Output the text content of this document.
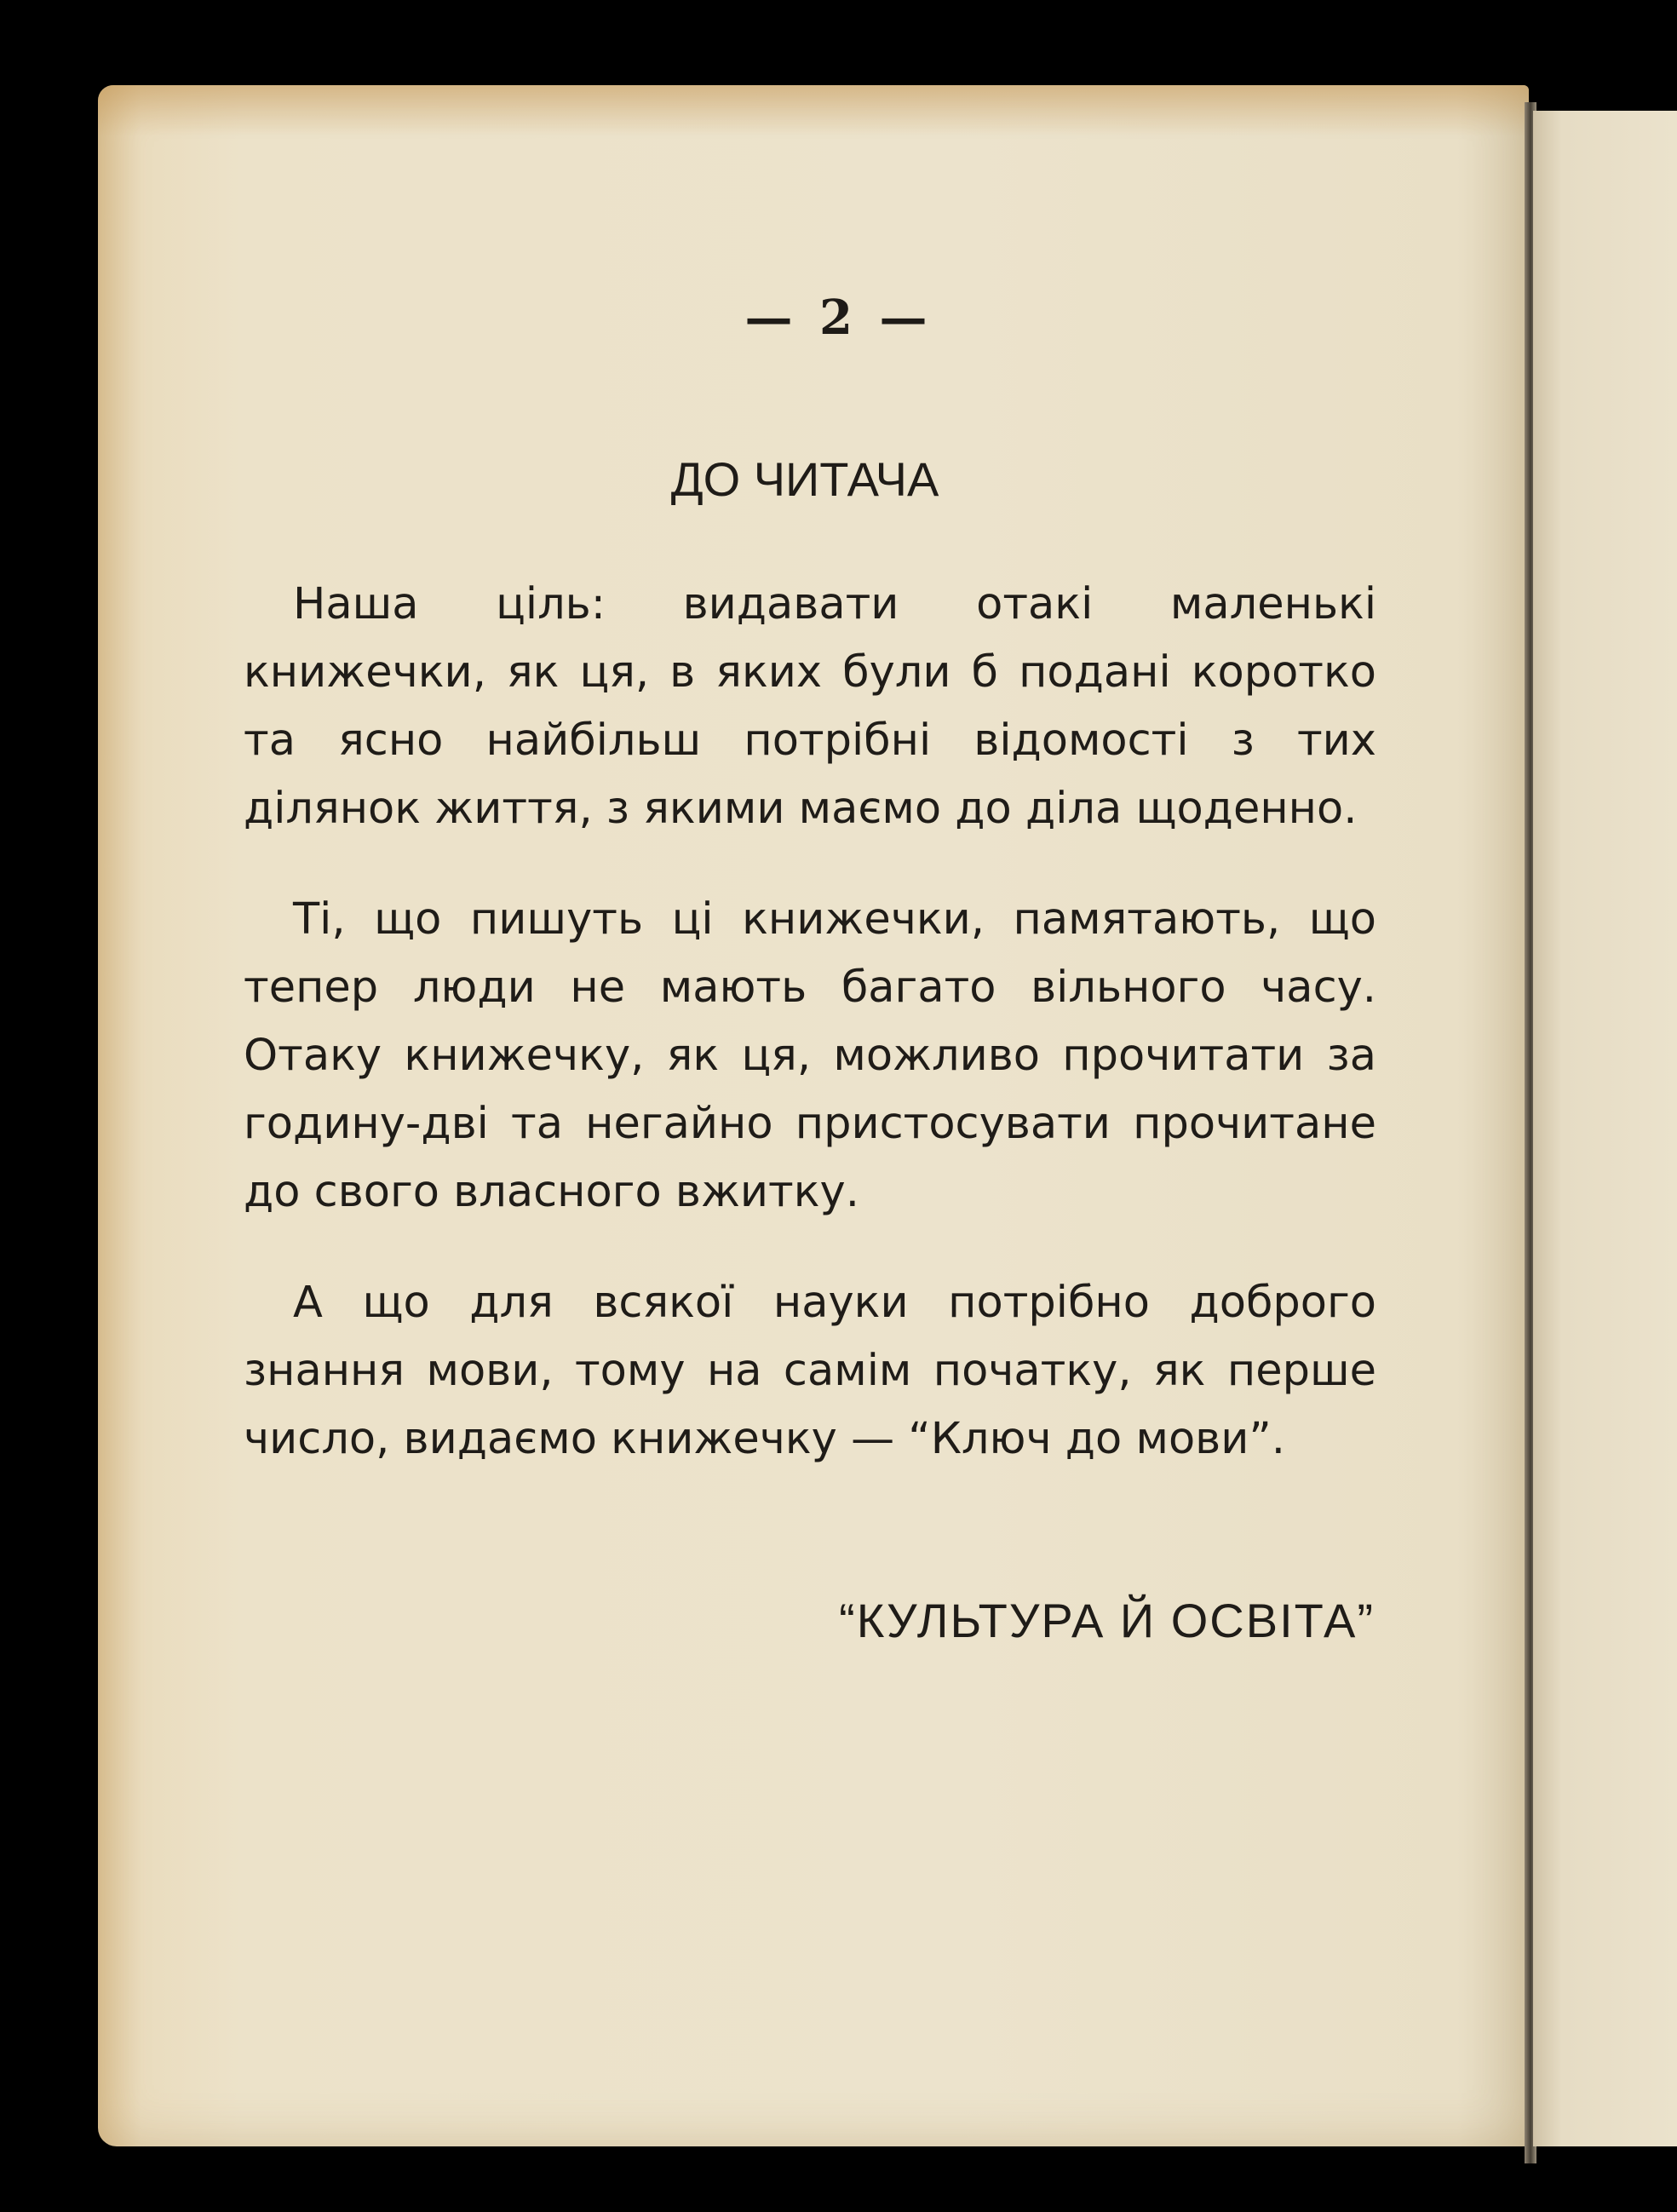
— 2 —
ДО ЧИТАЧА

Наша ціль: видавати отакі маленькі книжечки, як ця, в яких були б подані коротко та ясно найбільш потрібні відомості з тих ділянок життя, з якими маємо до діла щоденно.

Ті, що пишуть ці книжечки, памятають, що тепер люди не мають багато вільного часу. Отаку книжечку, як ця, можливо прочитати за годину-дві та негайно пристосувати прочитане до свого власного вжитку.

А що для всякої науки потрібно доброго знання мови, тому на самім початку, як перше число, видаємо книжечку — “Ключ до мови”.

“КУЛЬТУРА Й ОСВІТА”
